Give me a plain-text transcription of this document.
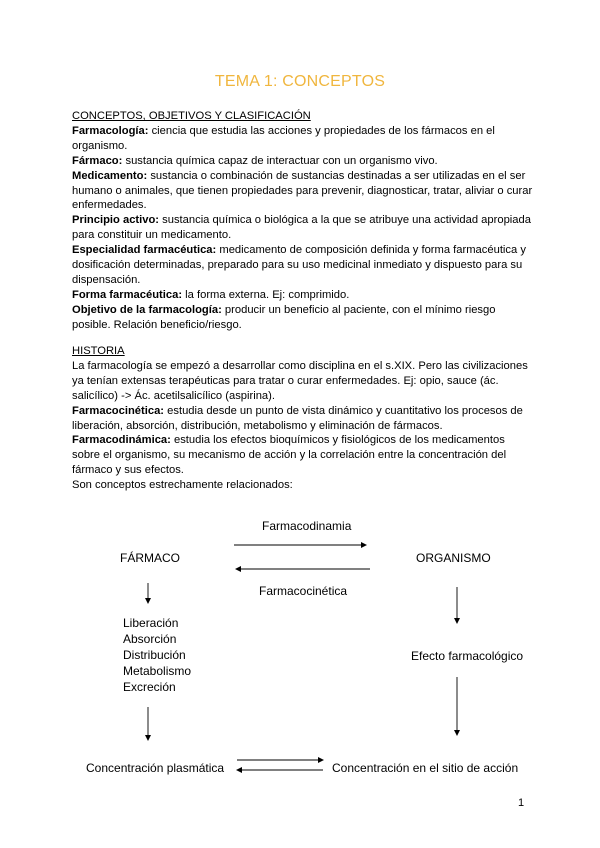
TEMA 1: CONCEPTOS

CONCEPTOS, OBJETIVOS Y CLASIFICACIÓN

Farmacología: ciencia que estudia las acciones y propiedades de los fármacos en el organismo.

Fármaco: sustancia química capaz de interactuar con un organismo vivo.

Medicamento: sustancia o combinación de sustancias destinadas a ser utilizadas en el ser humano o animales, que tienen propiedades para prevenir, diagnosticar, tratar, aliviar o curar enfermedades.

Principio activo: sustancia química o biológica a la que se atribuye una actividad apropiada para constituir un medicamento.

Especialidad farmacéutica: medicamento de composición definida y forma farmacéutica y dosificación determinadas, preparado para su uso medicinal inmediato y dispuesto para su dispensación.

Forma farmacéutica: la forma externa. Ej: comprimido.

Objetivo de la farmacología: producir un beneficio al paciente, con el mínimo riesgo posible. Relación beneficio/riesgo.

HISTORIA

La farmacología se empezó a desarrollar como disciplina en el s.XIX. Pero las civilizaciones ya tenían extensas terapéuticas para tratar o curar enfermedades. Ej: opio, sauce (ác. salicílico) -> Ác. acetilsalicílico (aspirina).

Farmacocinética: estudia desde un punto de vista dinámico y cuantitativo los procesos de liberación, absorción, distribución, metabolismo y eliminación de fármacos.

Farmacodinámica: estudia los efectos bioquímicos y fisiológicos de los medicamentos sobre el organismo, su mecanismo de acción y la correlación entre la concentración del fármaco y sus efectos.

Son conceptos estrechamente relacionados:

Farmacodinamia
FÁRMACO	ORGANISMO
Farmacocinética
Liberación
Absorción
Distribución
Metabolismo
Excreción
Efecto farmacológico
Concentración plasmática	Concentración en el sitio de acción
1
